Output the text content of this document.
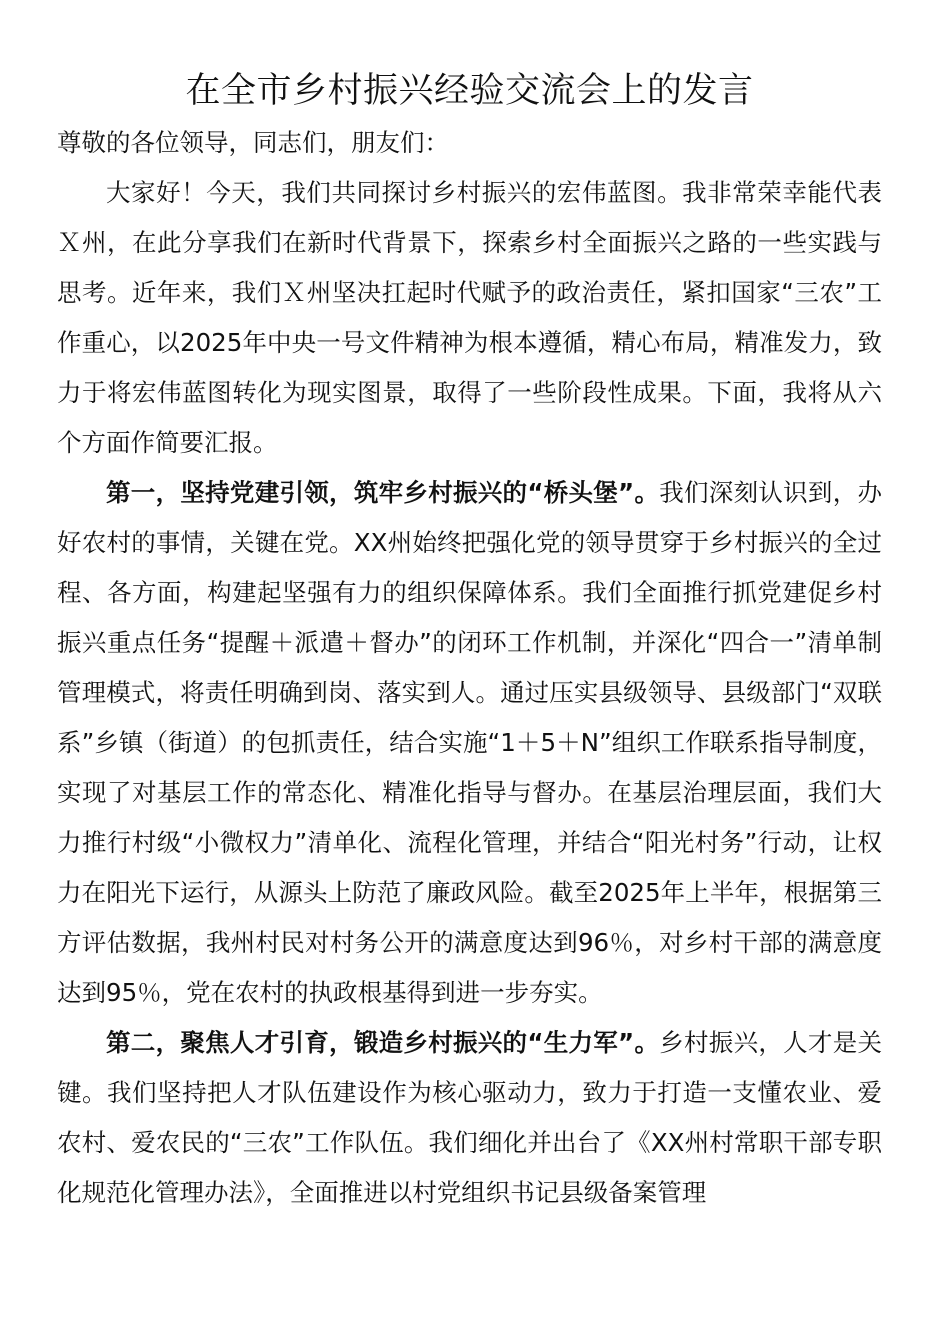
在全市乡村振兴经验交流会上的发言

尊敬的各位领导，同志们，朋友们：

大家好！今天，我们共同探讨乡村振兴的宏伟蓝图。我非常荣幸能代表Ｘ州，在此分享我们在新时代背景下，探索乡村全面振兴之路的一些实践与思考。近年来，我们Ｘ州坚决扛起时代赋予的政治责任，紧扣国家“三农”工作重心，以2025年中央一号文件精神为根本遵循，精心布局，精准发力，致力于将宏伟蓝图转化为现实图景，取得了一些阶段性成果。下面，我将从六个方面作简要汇报。

第一，坚持党建引领，筑牢乡村振兴的“桥头堡”。我们深刻认识到，办好农村的事情，关键在党。XX州始终把强化党的领导贯穿于乡村振兴的全过程、各方面，构建起坚强有力的组织保障体系。我们全面推行抓党建促乡村振兴重点任务“提醒＋派遣＋督办”的闭环工作机制，并深化“四合一”清单制管理模式，将责任明确到岗、落实到人。通过压实县级领导、县级部门“双联系”乡镇（街道）的包抓责任，结合实施“1＋5＋N”组织工作联系指导制度，实现了对基层工作的常态化、精准化指导与督办。在基层治理层面，我们大力推行村级“小微权力”清单化、流程化管理，并结合“阳光村务”行动，让权力在阳光下运行，从源头上防范了廉政风险。截至2025年上半年，根据第三方评估数据，我州村民对村务公开的满意度达到96％，对乡村干部的满意度达到95％，党在农村的执政根基得到进一步夯实。

第二，聚焦人才引育，锻造乡村振兴的“生力军”。乡村振兴，人才是关键。我们坚持把人才队伍建设作为核心驱动力，致力于打造一支懂农业、爱农村、爱农民的“三农”工作队伍。我们细化并出台了《XX州村常职干部专职化规范化管理办法》，全面推进以村党组织书记县级备案管理
